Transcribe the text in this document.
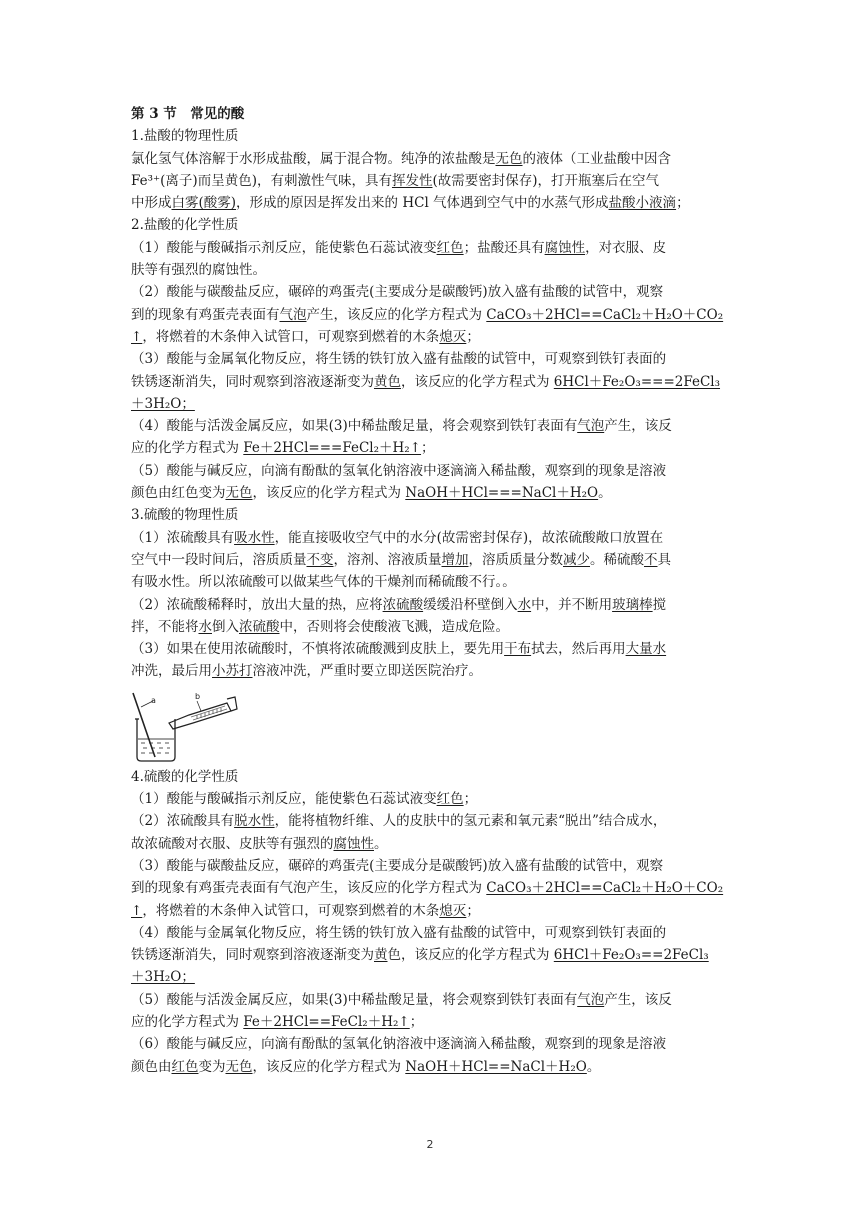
第 3 节　常见的酸
1.盐酸的物理性质
氯化氢气体溶解于水形成盐酸，属于混合物。纯净的浓盐酸是无色的液体（工业盐酸中因含
Fe³⁺(离子)而呈黄色)，有刺激性气味，具有挥发性(故需要密封保存)，打开瓶塞后在空气
中形成白雾(酸雾)，形成的原因是挥发出来的 HCl 气体遇到空气中的水蒸气形成盐酸小液滴；
2.盐酸的化学性质
（1）酸能与酸碱指示剂反应，能使紫色石蕊试液变红色；盐酸还具有腐蚀性，对衣服、皮
肤等有强烈的腐蚀性。
（2）酸能与碳酸盐反应，碾碎的鸡蛋壳(主要成分是碳酸钙)放入盛有盐酸的试管中，观察
到的现象有鸡蛋壳表面有气泡产生，该反应的化学方程式为 CaCO₃＋2HCl==CaCl₂＋H₂O＋CO₂
↑，将燃着的木条伸入试管口，可观察到燃着的木条熄灭；
（3）酸能与金属氧化物反应，将生锈的铁钉放入盛有盐酸的试管中，可观察到铁钉表面的
铁锈逐渐消失，同时观察到溶液逐渐变为黄色，该反应的化学方程式为 6HCl＋Fe₂O₃===2FeCl₃
＋3H₂O；
（4）酸能与活泼金属反应，如果(3)中稀盐酸足量，将会观察到铁钉表面有气泡产生，该反
应的化学方程式为 Fe＋2HCl===FeCl₂＋H₂↑；
（5）酸能与碱反应，向滴有酚酞的氢氧化钠溶液中逐滴滴入稀盐酸，观察到的现象是溶液
颜色由红色变为无色，该反应的化学方程式为 NaOH＋HCl===NaCl＋H₂O。
3.硫酸的物理性质
（1）浓硫酸具有吸水性，能直接吸收空气中的水分(故需密封保存)，故浓硫酸敞口放置在
空气中一段时间后，溶质质量不变，溶剂、溶液质量增加，溶质质量分数减少。稀硫酸不具
有吸水性。所以浓硫酸可以做某些气体的干燥剂而稀硫酸不行。。
（2）浓硫酸稀释时，放出大量的热，应将浓硫酸缓缓沿杯壁倒入水中，并不断用玻璃棒搅
拌，不能将水倒入浓硫酸中，否则将会使酸液飞溅，造成危险。
（3）如果在使用浓硫酸时，不慎将浓硫酸溅到皮肤上，要先用干布拭去，然后再用大量水
冲洗，最后用小苏打溶液冲洗，严重时要立即送医院治疗。
a	b
4.硫酸的化学性质
（1）酸能与酸碱指示剂反应，能使紫色石蕊试液变红色；
（2）浓硫酸具有脱水性，能将植物纤维、人的皮肤中的氢元素和氧元素“脱出”结合成水，
故浓硫酸对衣服、皮肤等有强烈的腐蚀性。
（3）酸能与碳酸盐反应，碾碎的鸡蛋壳(主要成分是碳酸钙)放入盛有盐酸的试管中，观察
到的现象有鸡蛋壳表面有气泡产生，该反应的化学方程式为 CaCO₃＋2HCl==CaCl₂＋H₂O＋CO₂
↑，将燃着的木条伸入试管口，可观察到燃着的木条熄灭；
（4）酸能与金属氧化物反应，将生锈的铁钉放入盛有盐酸的试管中，可观察到铁钉表面的
铁锈逐渐消失，同时观察到溶液逐渐变为黄色，该反应的化学方程式为 6HCl＋Fe₂O₃==2FeCl₃
＋3H₂O；
（5）酸能与活泼金属反应，如果(3)中稀盐酸足量，将会观察到铁钉表面有气泡产生，该反
应的化学方程式为 Fe＋2HCl==FeCl₂＋H₂↑；
（6）酸能与碱反应，向滴有酚酞的氢氧化钠溶液中逐滴滴入稀盐酸，观察到的现象是溶液
颜色由红色变为无色，该反应的化学方程式为 NaOH＋HCl==NaCl＋H₂O。
2
